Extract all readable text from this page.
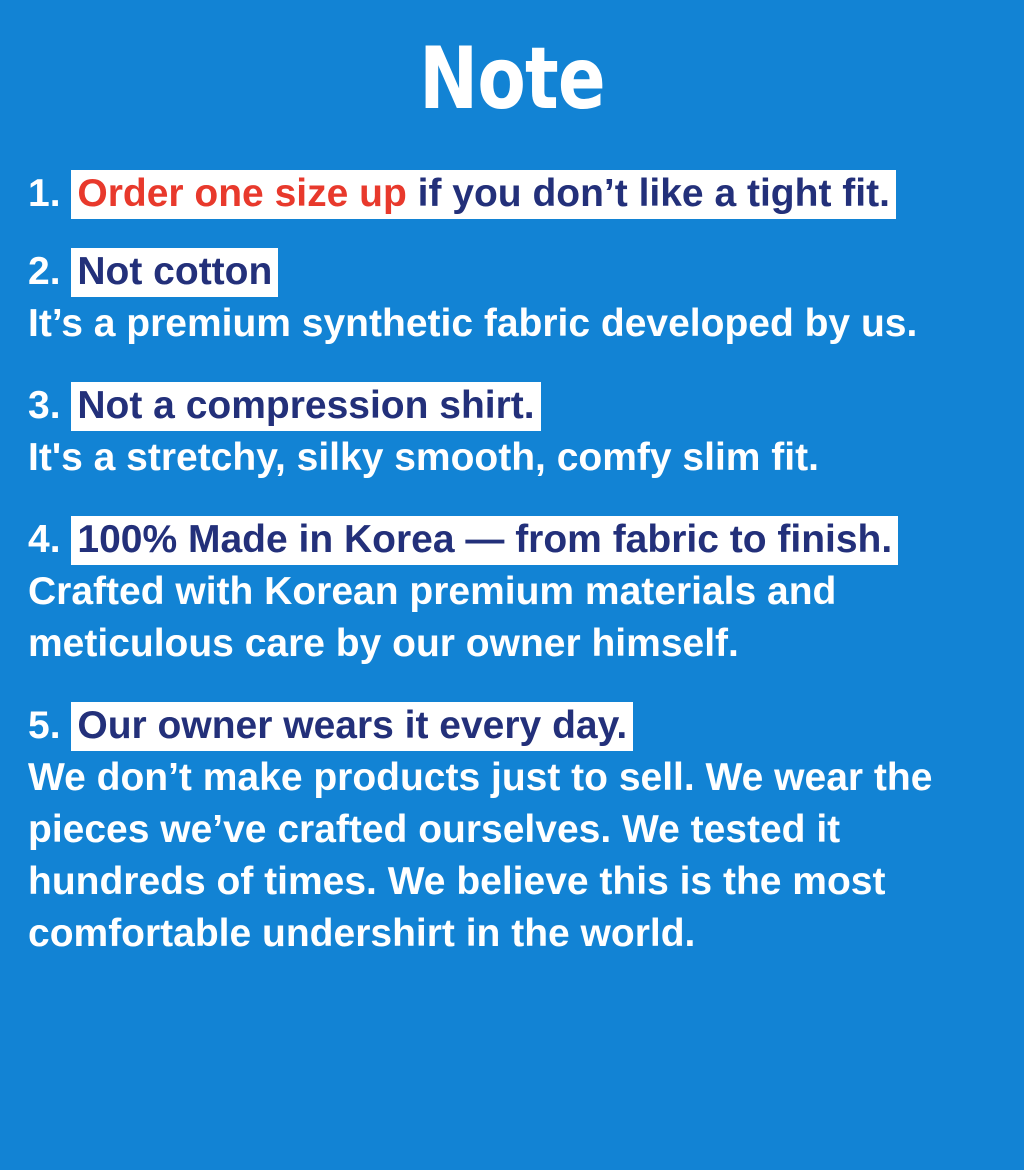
Note
1. Order one size up if you don’t like a tight fit.
2. Not cotton
It’s a premium synthetic fabric developed by us.
3. Not a compression shirt.
It's a stretchy, silky smooth, comfy slim fit.
4. 100% Made in Korea — from fabric to finish.
Crafted with Korean premium materials and meticulous care by our owner himself.
5. Our owner wears it every day.
We don’t make products just to sell. We wear the pieces we’ve crafted ourselves. We tested it hundreds of times. We believe this is the most comfortable undershirt in the world.
